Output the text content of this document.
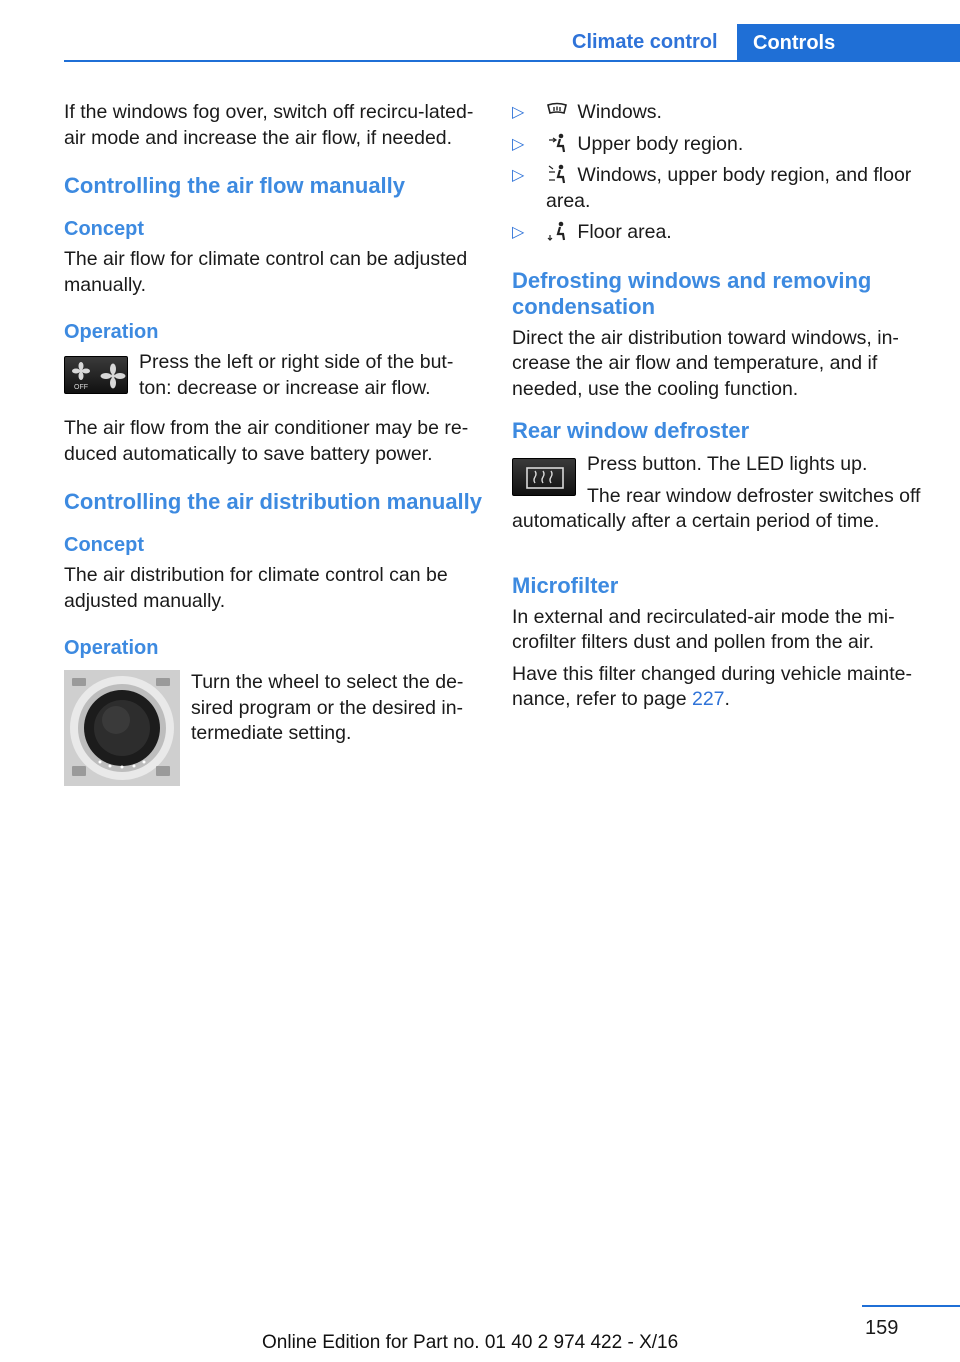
Climate control	Controls

If the windows fog over, switch off recircu-lated-air mode and increase the air flow, if needed.

Controlling the air flow manually
Concept

The air flow for climate control can be adjusted manually.

Operation
OFF

Press the left or right side of the but-ton: decrease or increase air flow.

The air flow from the air conditioner may be re-duced automatically to save battery power.

Controlling the air distribution manually
Concept

The air distribution for climate control can be adjusted manually.

Operation

Turn the wheel to select the de-sired program or the desired in-termediate setting.

▷	Windows.
▷	Upper body region.
▷	Windows, upper body region, and floor area.
▷	Floor area.
Defrosting windows and removing condensation

Direct the air distribution toward windows, in-crease the air flow and temperature, and if needed, use the cooling function.

Rear window defroster

Press button. The LED lights up.

The rear window defroster switches off automatically after a certain period of time.

Microfilter

In external and recirculated-air mode the mi-crofilter filters dust and pollen from the air.

Have this filter changed during vehicle mainte-nance, refer to page 227.

159
Online Edition for Part no. 01 40 2 974 422 - X/16
